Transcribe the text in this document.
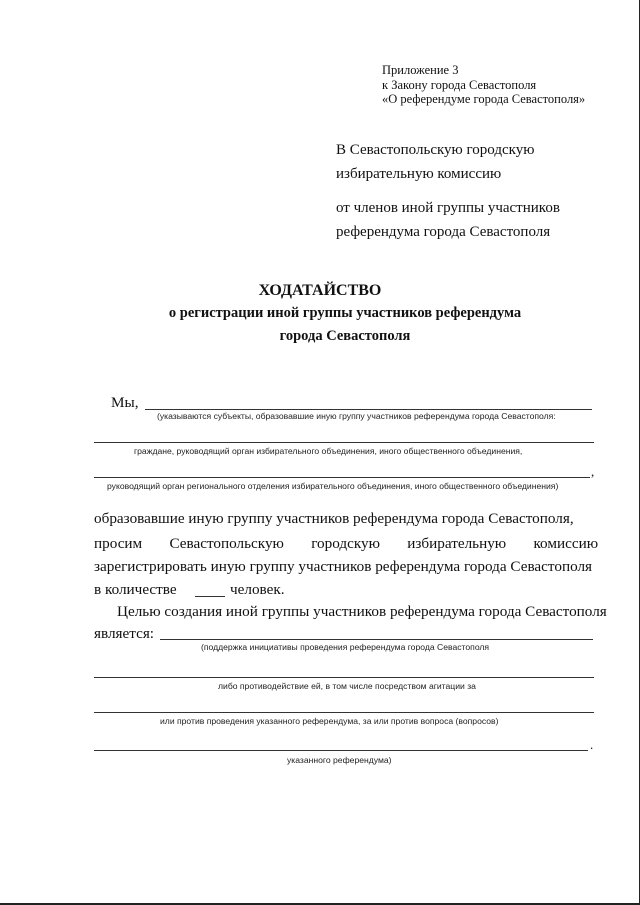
Приложение 3
к Закону города Севастополя
«О референдуме города Севастополя»
В Севастопольскую городскую
избирательную комиссию
от членов иной группы участников
референдума города Севастополя
ХОДАТАЙСТВО
о регистрации иной группы участников референдума
города Севастополя
Мы,
(указываются субъекты, образовавшие иную группу участников референдума города Севастополя:
граждане, руководящий орган избирательного объединения, иного общественного объединения,
,
руководящий орган регионального отделения избирательного объединения, иного общественного объединения)
образовавшие иную группу участников референдума города Севастополя,
просим Севастопольскую городскую избирательную комиссию
зарегистрировать иную группу участников референдума города Севастополя
в количестве	человек.
Целью создания иной группы участников референдума города Севастополя
является:
(поддержка инициативы проведения референдума города Севастополя
либо противодействие ей, в том числе посредством агитации за
или против проведения указанного референдума, за или против вопроса (вопросов)
.
указанного референдума)
